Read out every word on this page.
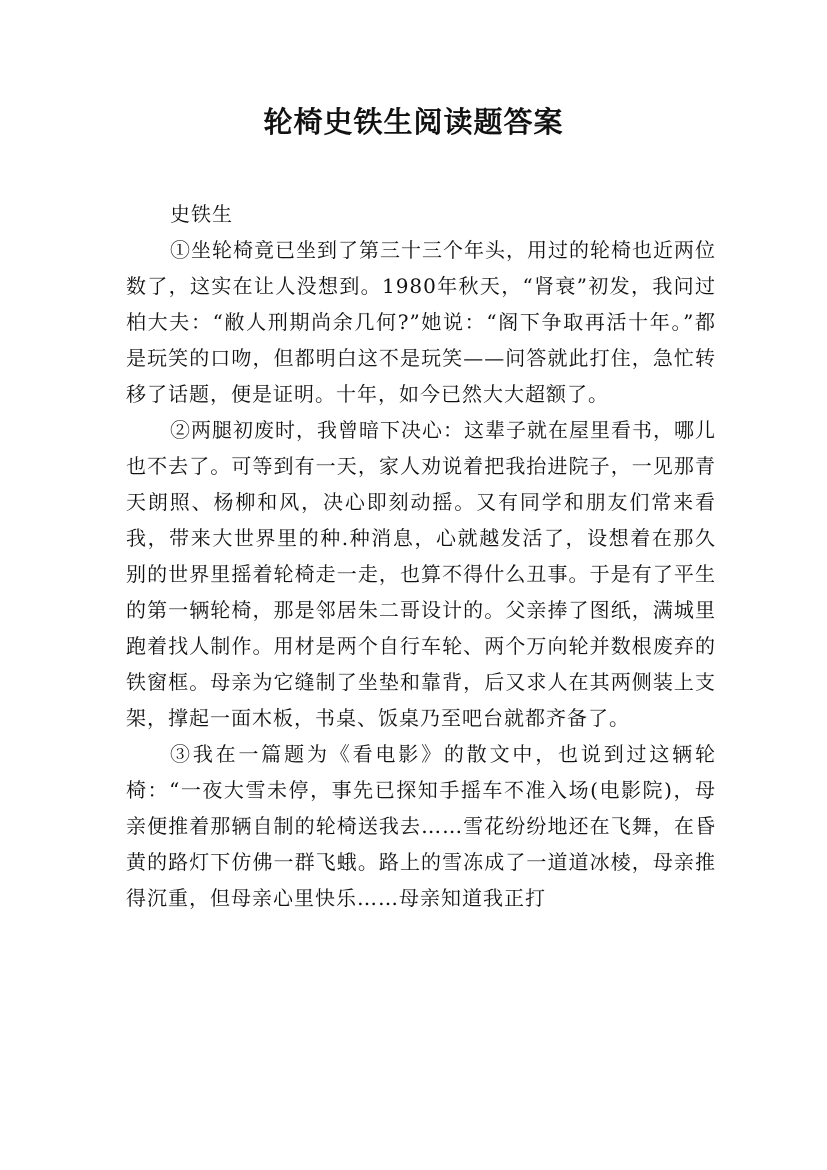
轮椅史铁生阅读题答案

史铁生

①坐轮椅竟已坐到了第三十三个年头，用过的轮椅也近两位数了，这实在让人没想到。1980年秋天，“肾衰”初发，我问过柏大夫：“敝人刑期尚余几何?”她说：“阁下争取再活十年。”都是玩笑的口吻，但都明白这不是玩笑——问答就此打住，急忙转移了话题，便是证明。十年，如今已然大大超额了。

②两腿初废时，我曾暗下决心：这辈子就在屋里看书，哪儿也不去了。可等到有一天，家人劝说着把我抬进院子，一见那青天朗照、杨柳和风，决心即刻动摇。又有同学和朋友们常来看我，带来大世界里的种.种消息，心就越发活了，设想着在那久别的世界里摇着轮椅走一走，也算不得什么丑事。于是有了平生的第一辆轮椅，那是邻居朱二哥设计的。父亲捧了图纸，满城里跑着找人制作。用材是两个自行车轮、两个万向轮并数根废弃的铁窗框。母亲为它缝制了坐垫和靠背，后又求人在其两侧装上支架，撑起一面木板，书桌、饭桌乃至吧台就都齐备了。

③我在一篇题为《看电影》的散文中，也说到过这辆轮椅：“一夜大雪未停，事先已探知手摇车不准入场(电影院)，母亲便推着那辆自制的轮椅送我去……雪花纷纷地还在飞舞，在昏黄的路灯下仿佛一群飞蛾。路上的雪冻成了一道道冰棱，母亲推得沉重，但母亲心里快乐……母亲知道我正打
